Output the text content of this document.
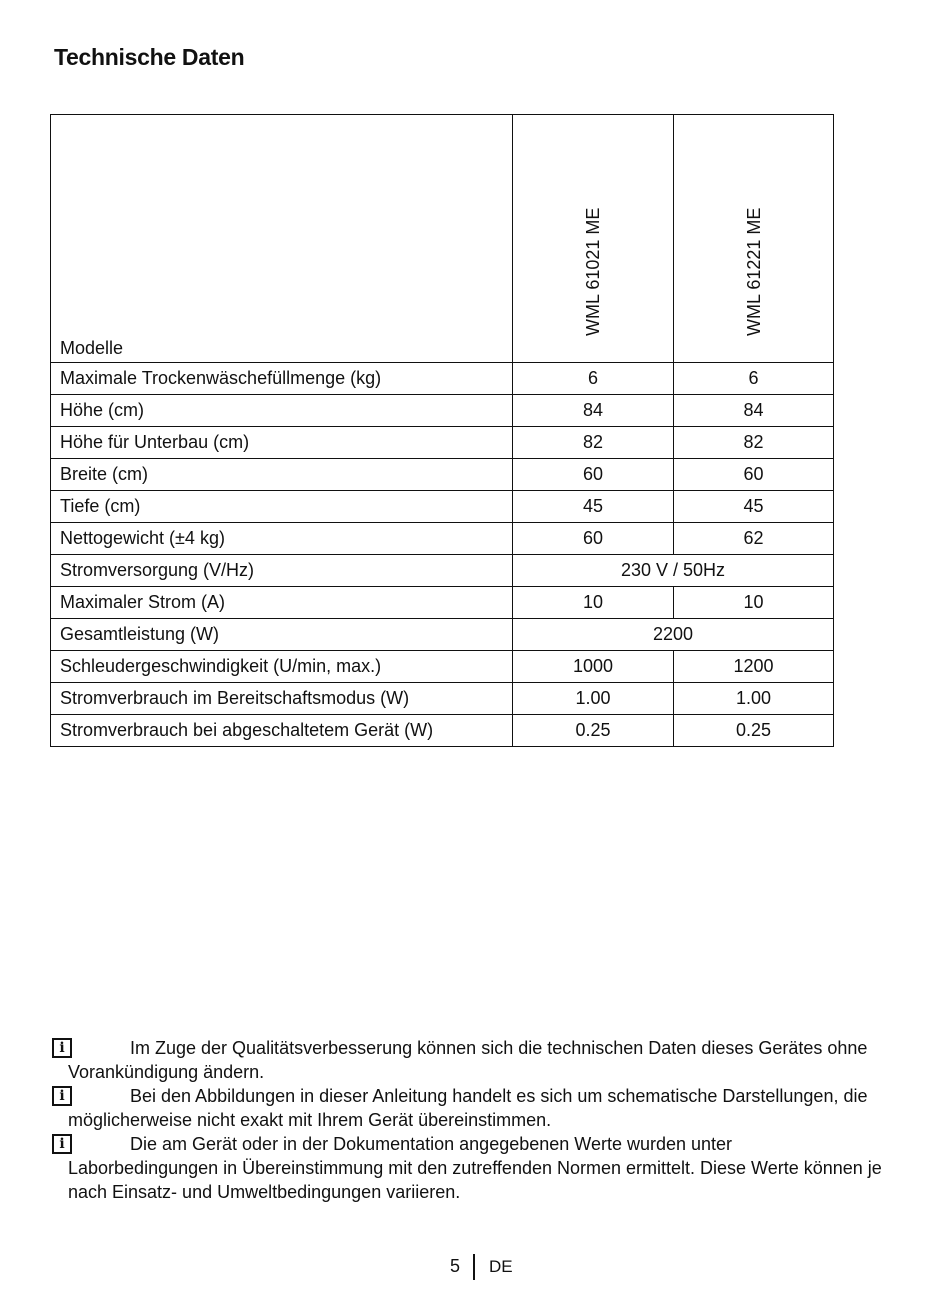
Technische Daten
Modelle	WML 61021 ME	WML 61221 ME

Maximale Trockenwäschefüllmenge (kg)	6	6
Höhe (cm)	84	84
Höhe für Unterbau (cm)	82	82
Breite (cm)	60	60
Tiefe (cm)	45	45
Nettogewicht (±4 kg)	60	62
Stromversorgung (V/Hz)	230 V / 50Hz	
Maximaler Strom (A)	10	10
Gesamtleistung (W)	2200	
Schleudergeschwindigkeit (U/min, max.)	1000	1200
Stromverbrauch im Bereitschaftsmodus (W)	1.00	1.00
Stromverbrauch bei abgeschaltetem Gerät (W)	0.25	0.25
i	Im Zuge der Qualitätsverbesserung können sich die technischen Daten dieses Gerätes ohne Vorankündigung ändern.
i	Bei den Abbildungen in dieser Anleitung handelt es sich um schematische Darstellungen, die möglicherweise nicht exakt mit Ihrem Gerät übereinstimmen.
i	Die am Gerät oder in der Dokumentation angegebenen Werte wurden unter Laborbedingungen in Übereinstimmung mit den zutreffenden Normen ermittelt. Diese Werte können je nach Einsatz- und Umweltbedingungen variieren.
5 DE
